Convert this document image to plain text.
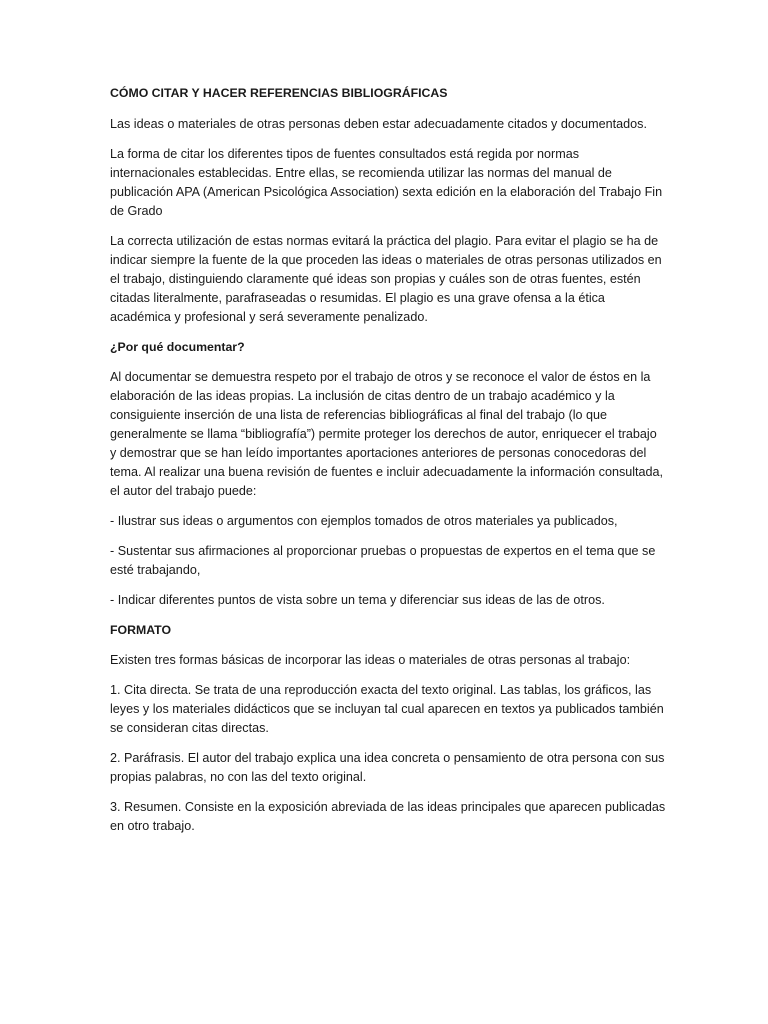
CÓMO CITAR Y HACER REFERENCIAS BIBLIOGRÁFICAS

Las ideas o materiales de otras personas deben estar adecuadamente citados y documentados.

La forma de citar los diferentes tipos de fuentes consultados está regida por normas internacionales establecidas. Entre ellas, se recomienda utilizar las normas del manual de publicación APA (American Psicológica Association) sexta edición en la elaboración del Trabajo Fin de Grado

La correcta utilización de estas normas evitará la práctica del plagio. Para evitar el plagio se ha de indicar siempre la fuente de la que proceden las ideas o materiales de otras personas utilizados en el trabajo, distinguiendo claramente qué ideas son propias y cuáles son de otras fuentes, estén citadas literalmente, parafraseadas o resumidas. El plagio es una grave ofensa a la ética académica y profesional y será severamente penalizado.

¿Por qué documentar?

Al documentar se demuestra respeto por el trabajo de otros y se reconoce el valor de éstos en la elaboración de las ideas propias. La inclusión de citas dentro de un trabajo académico y la consiguiente inserción de una lista de referencias bibliográficas al final del trabajo (lo que generalmente se llama “bibliografía”) permite proteger los derechos de autor, enriquecer el trabajo y demostrar que se han leído importantes aportaciones anteriores de personas conocedoras del tema. Al realizar una buena revisión de fuentes e incluir adecuadamente la información consultada, el autor del trabajo puede:

- Ilustrar sus ideas o argumentos con ejemplos tomados de otros materiales ya publicados,

- Sustentar sus afirmaciones al proporcionar pruebas o propuestas de expertos en el tema que se esté trabajando,

- Indicar diferentes puntos de vista sobre un tema y diferenciar sus ideas de las de otros.

FORMATO

Existen tres formas básicas de incorporar las ideas o materiales de otras personas al trabajo:

1. Cita directa. Se trata de una reproducción exacta del texto original. Las tablas, los gráficos, las leyes y los materiales didácticos que se incluyan tal cual aparecen en textos ya publicados también se consideran citas directas.

2. Paráfrasis. El autor del trabajo explica una idea concreta o pensamiento de otra persona con sus propias palabras, no con las del texto original.

3. Resumen. Consiste en la exposición abreviada de las ideas principales que aparecen publicadas en otro trabajo.
